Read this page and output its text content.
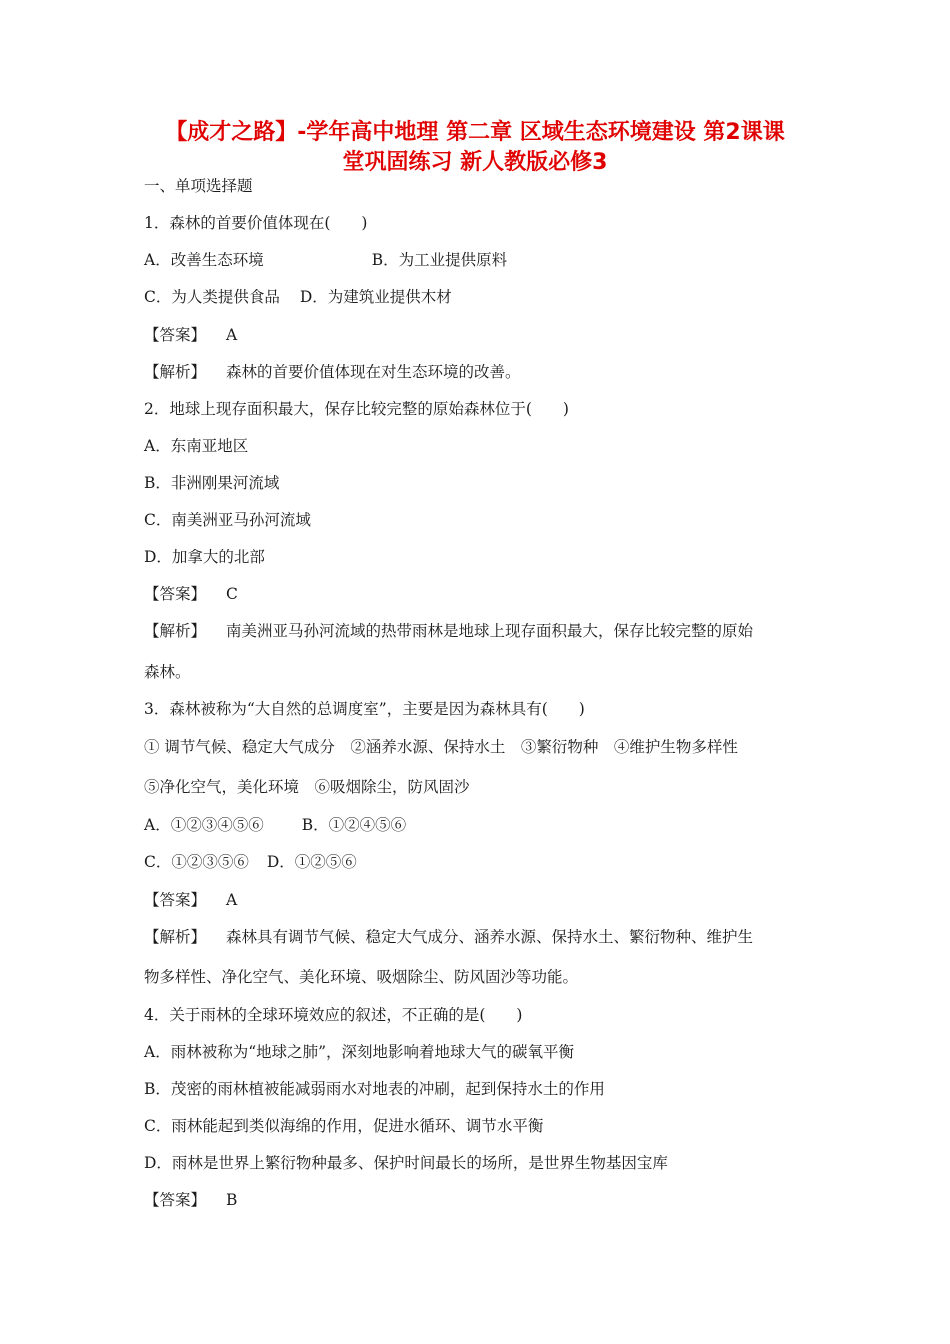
【成才之路】-学年高中地理 第二章 区域生态环境建设 第2课课
堂巩固练习 新人教版必修3
一、单项选择题
1．森林的首要价值体现在(　　)
A．改善生态环境	B．为工业提供原料
C．为人类提供食品 D．为建筑业提供木材
【答案】 A
【解析】 森林的首要价值体现在对生态环境的改善。
2．地球上现存面积最大，保存比较完整的原始森林位于(　　)
A．东南亚地区
B．非洲刚果河流域
C．南美洲亚马孙河流域
D．加拿大的北部
【答案】 C
【解析】 南美洲亚马孙河流域的热带雨林是地球上现存面积最大，保存比较完整的原始
森林。
3．森林被称为“大自然的总调度室”，主要是因为森林具有(　　)
① 调节气候、稳定大气成分　②涵养水源、保持水土　③繁衍物种　④维护生物多样性
⑤净化空气，美化环境　⑥吸烟除尘，防风固沙
A．①②③④⑤⑥ B．①②④⑤⑥
C．①②③⑤⑥ D．①②⑤⑥
【答案】 A
【解析】 森林具有调节气候、稳定大气成分、涵养水源、保持水土、繁衍物种、维护生
物多样性、净化空气、美化环境、吸烟除尘、防风固沙等功能。
4．关于雨林的全球环境效应的叙述，不正确的是(　　)
A．雨林被称为“地球之肺”，深刻地影响着地球大气的碳氧平衡
B．茂密的雨林植被能减弱雨水对地表的冲刷，起到保持水土的作用
C．雨林能起到类似海绵的作用，促进水循环、调节水平衡
D．雨林是世界上繁衍物种最多、保护时间最长的场所，是世界生物基因宝库
【答案】 B
